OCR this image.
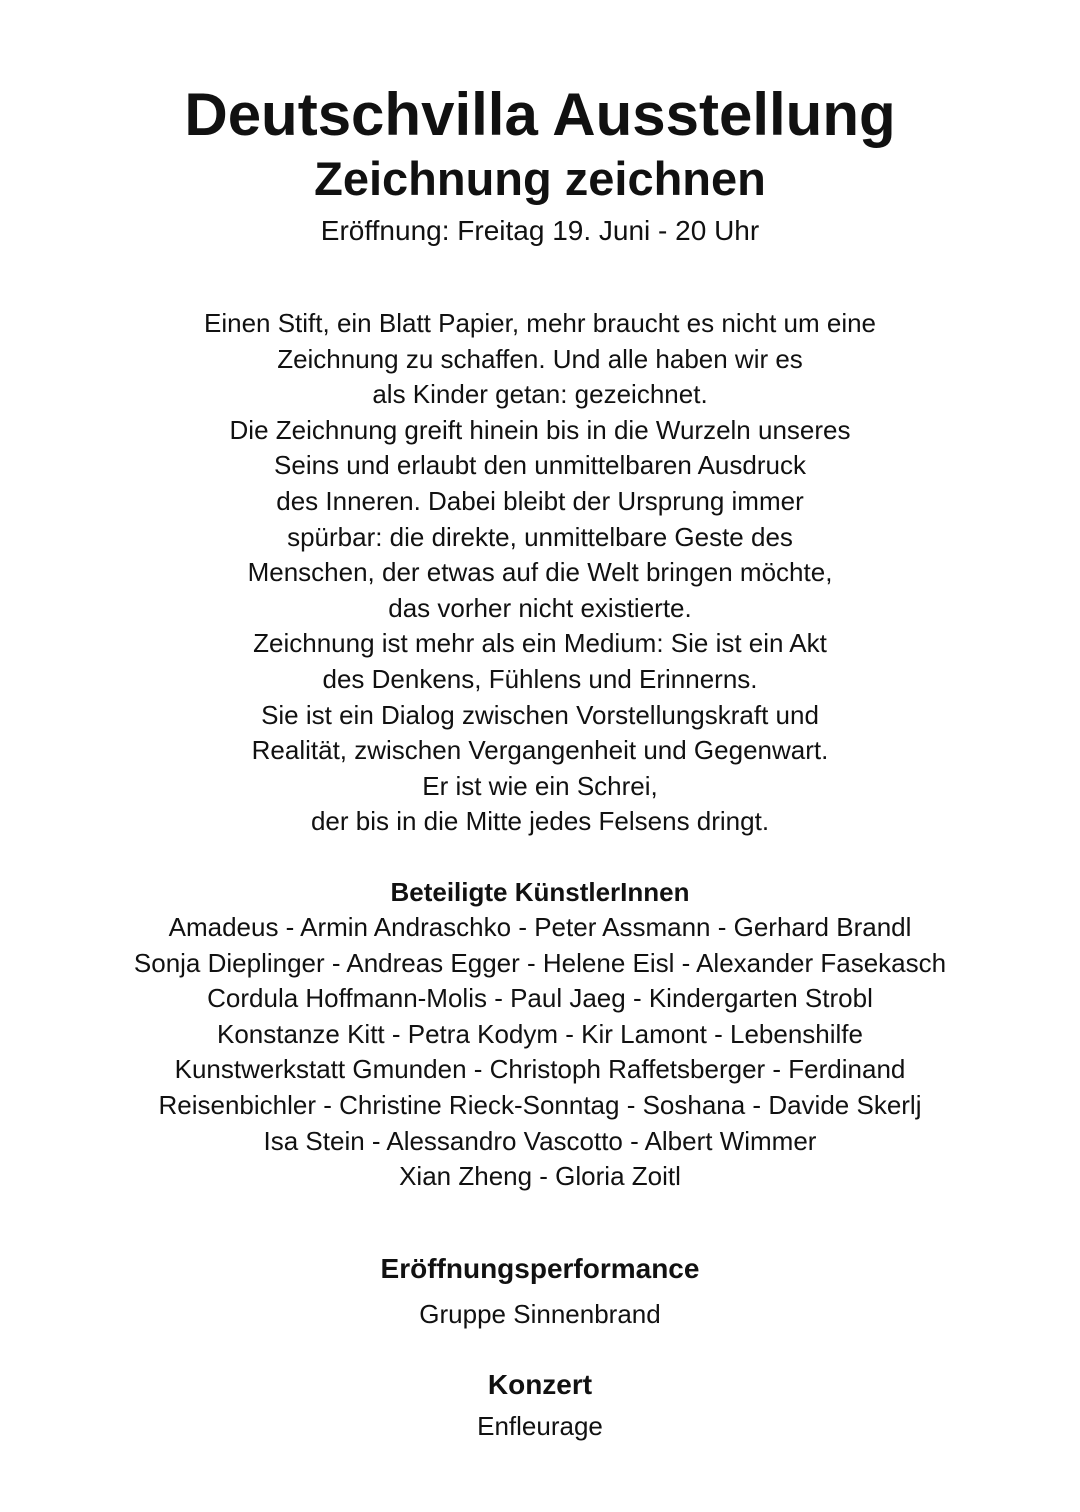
Deutschvilla Ausstellung
Zeichnung zeichnen
Eröffnung: Freitag 19. Juni - 20 Uhr
Einen Stift, ein Blatt Papier, mehr braucht es nicht um eine
Zeichnung zu schaffen. Und alle haben wir es
als Kinder getan: gezeichnet.
Die Zeichnung greift hinein bis in die Wurzeln unseres
Seins und erlaubt den unmittelbaren Ausdruck
des Inneren. Dabei bleibt der Ursprung immer
spürbar: die direkte, unmittelbare Geste des
Menschen, der etwas auf die Welt bringen möchte,
das vorher nicht existierte.
Zeichnung ist mehr als ein Medium: Sie ist ein Akt
des Denkens, Fühlens und Erinnerns.
Sie ist ein Dialog zwischen Vorstellungskraft und
Realität, zwischen Vergangenheit und Gegenwart.
Er ist wie ein Schrei,
der bis in die Mitte jedes Felsens dringt.
Beteiligte KünstlerInnen
Amadeus - Armin Andraschko - Peter Assmann - Gerhard Brandl
Sonja Dieplinger - Andreas Egger - Helene Eisl - Alexander Fasekasch
Cordula Hoffmann-Molis - Paul Jaeg - Kindergarten Strobl
Konstanze Kitt - Petra Kodym - Kir Lamont - Lebenshilfe
Kunstwerkstatt Gmunden - Christoph Raffetsberger - Ferdinand
Reisenbichler - Christine Rieck-Sonntag - Soshana - Davide Skerlj
Isa Stein - Alessandro Vascotto - Albert Wimmer
Xian Zheng - Gloria Zoitl
Eröffnungsperformance
Gruppe Sinnenbrand
Konzert
Enfleurage
